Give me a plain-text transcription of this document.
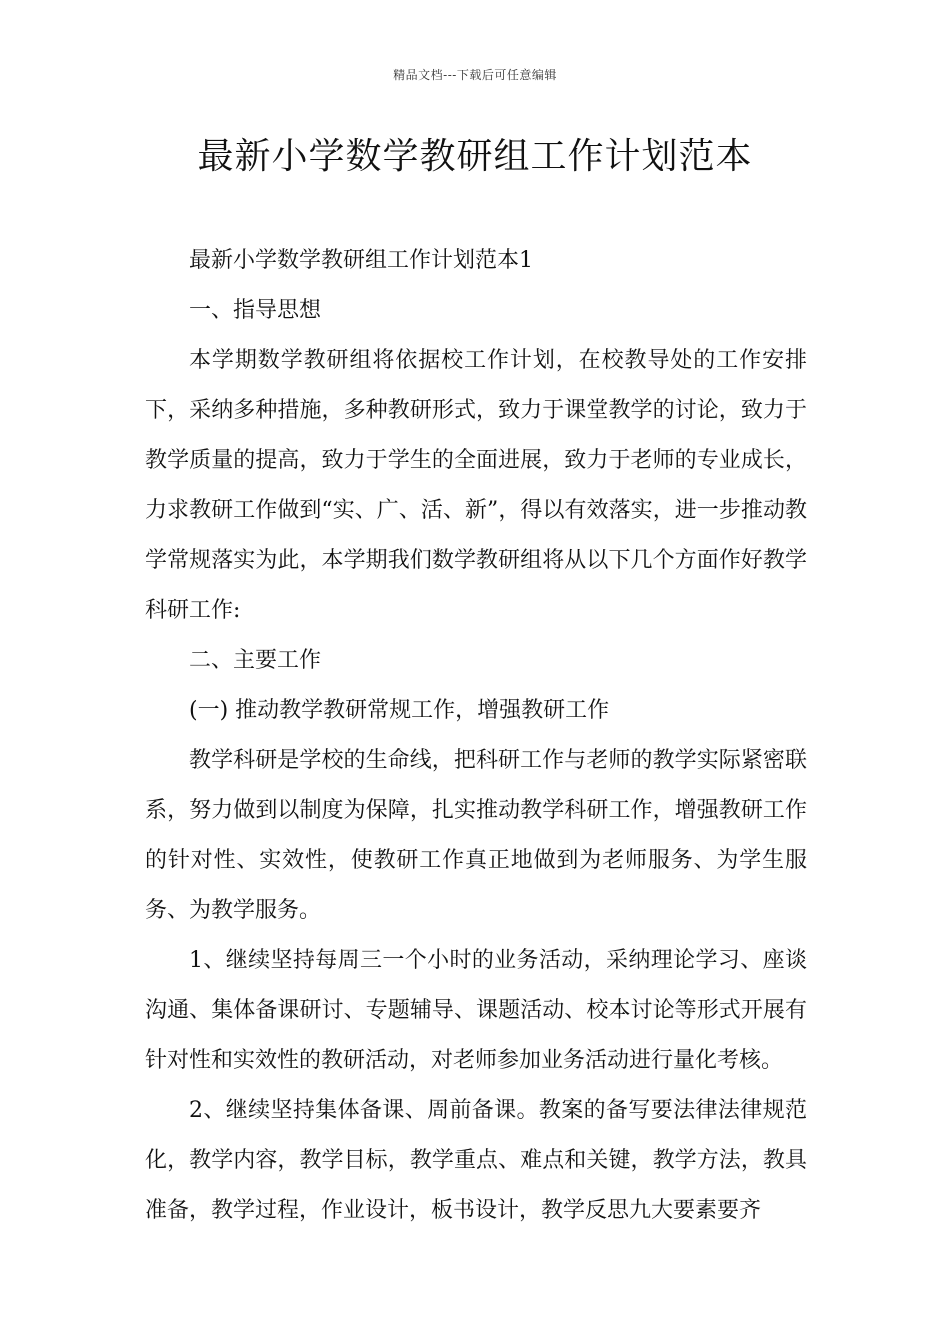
精品文档---下载后可任意编辑
最新小学数学教研组工作计划范本

最新小学数学教研组工作计划范本1

一、指导思想

本学期数学教研组将依据校工作计划，在校教导处的工作安排下，采纳多种措施，多种教研形式，致力于课堂教学的讨论，致力于教学质量的提高，致力于学生的全面进展，致力于老师的专业成长，力求教研工作做到“实、广、活、新”，得以有效落实，进一步推动教学常规落实为此，本学期我们数学教研组将从以下几个方面作好教学科研工作:

二、主要工作

(一) 推动教学教研常规工作，增强教研工作

教学科研是学校的生命线，把科研工作与老师的教学实际紧密联系，努力做到以制度为保障，扎实推动教学科研工作，增强教研工作的针对性、实效性，使教研工作真正地做到为老师服务、为学生服务、为教学服务。

1、继续坚持每周三一个小时的业务活动，采纳理论学习、座谈沟通、集体备课研讨、专题辅导、课题活动、校本讨论等形式开展有针对性和实效性的教研活动，对老师参加业务活动进行量化考核。

2、继续坚持集体备课、周前备课。教案的备写要法律法律规范化，教学内容，教学目标，教学重点、难点和关键，教学方法，教具准备，教学过程，作业设计，板书设计，教学反思九大要素要齐
